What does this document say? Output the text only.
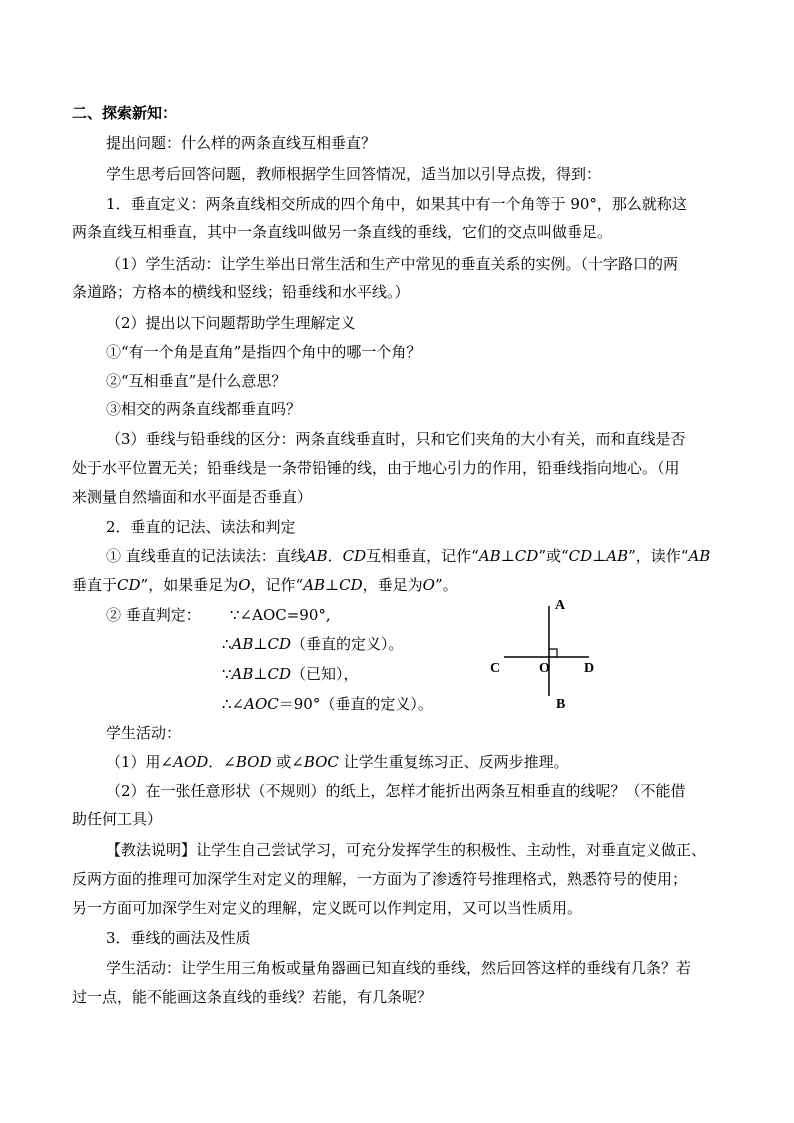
二、探索新知：
提出问题：什么样的两条直线互相垂直？
学生思考后回答问题，教师根据学生回答情况，适当加以引导点拨，得到：
1．垂直定义：两条直线相交所成的四个角中，如果其中有一个角等于 90°，那么就称这
两条直线互相垂直，其中一条直线叫做另一条直线的垂线，它们的交点叫做垂足。
（1）学生活动：让学生举出日常生活和生产中常见的垂直关系的实例。（十字路口的两
条道路；方格本的横线和竖线；铅垂线和水平线。）
（2）提出以下问题帮助学生理解定义
①“有一个角是直角”是指四个角中的哪一个角？
②“互相垂直”是什么意思？
③相交的两条直线都垂直吗？
（3）垂线与铅垂线的区分：两条直线垂直时，只和它们夹角的大小有关，而和直线是否
处于水平位置无关；铅垂线是一条带铅锤的线，由于地心引力的作用，铅垂线指向地心。（用
来测量自然墙面和水平面是否垂直）
2．垂直的记法、读法和判定
① 直线垂直的记法读法：直线AB．CD互相垂直，记作“AB⊥CD”或“CD⊥AB”，读作“AB
垂直于CD”，如果垂足为O，记作“AB⊥CD，垂足为O”。
② 垂直判定： ∵∠AOC=90°,
∴AB⊥CD（垂直的定义）。
∵AB⊥CD（已知），
∴∠AOC＝90°（垂直的定义）。
A
B
C	D
O
学生活动：
（1）用∠AOD．∠BOD 或∠BOC 让学生重复练习正、反两步推理。
（2）在一张任意形状（不规则）的纸上，怎样才能折出两条互相垂直的线呢？（不能借
助任何工具）
【教法说明】让学生自己尝试学习，可充分发挥学生的积极性、主动性，对垂直定义做正、
反两方面的推理可加深学生对定义的理解，一方面为了渗透符号推理格式，熟悉符号的使用；
另一方面可加深学生对定义的理解，定义既可以作判定用，又可以当性质用。
3．垂线的画法及性质
学生活动：让学生用三角板或量角器画已知直线的垂线，然后回答这样的垂线有几条？若
过一点，能不能画这条直线的垂线？若能，有几条呢？
